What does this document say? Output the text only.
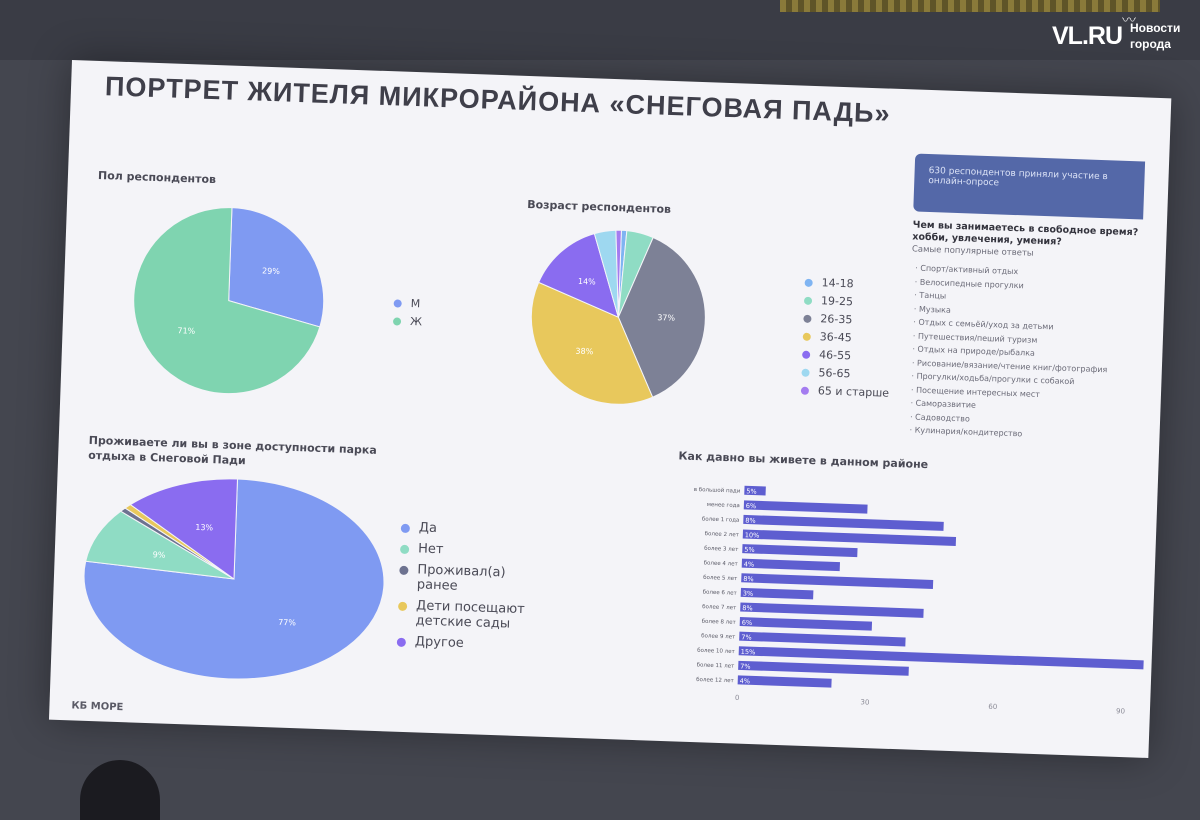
VL.RU
〰
Новости
города
ПОРТРЕТ ЖИТЕЛЯ МИКРОРАЙОНА «СНЕГОВАЯ ПАДЬ»
Пол респондентов
29%
71%
М
Ж
Возраст респондентов
37%
38%
14%	14-18
19-25
26-35
36-45
46-55
56-65
65 и старше
Проживаете ли вы в зоне доступности парка отдыха в Снеговой Пади
77%
9%
13%	Да
Нет
Проживал(а) ранее
Дети посещают детские сады
Другое
Как давно вы живете в данном районе
в большой пади 5%
менее года 6%
более 1 года 8%
более 2 лет 10%
более 3 лет 5%
более 4 лет 4%
более 5 лет 8%
более 6 лет 3%
более 7 лет 8%
более 8 лет 6%
более 9 лет 7%
более 10 лет 15%
более 11 лет 7%
более 12 лет 4%
0
30
60
90
630 респондентов приняли участие в онлайн-опросе
Чем вы занимаетесь в свободное время? хобби, увлечения, умения?
Самые популярные ответы
· Спорт/активный отдых
· Велосипедные прогулки
· Танцы
· Музыка
· Отдых с семьёй/уход за детьми
· Путешествия/пеший туризм
· Отдых на природе/рыбалка
· Рисование/вязание/чтение книг/фотография
· Прогулки/ходьба/прогулки с собакой
· Посещение интересных мест
· Саморазвитие
· Садоводство
· Кулинария/кондитерство
КБ МОРЕ
